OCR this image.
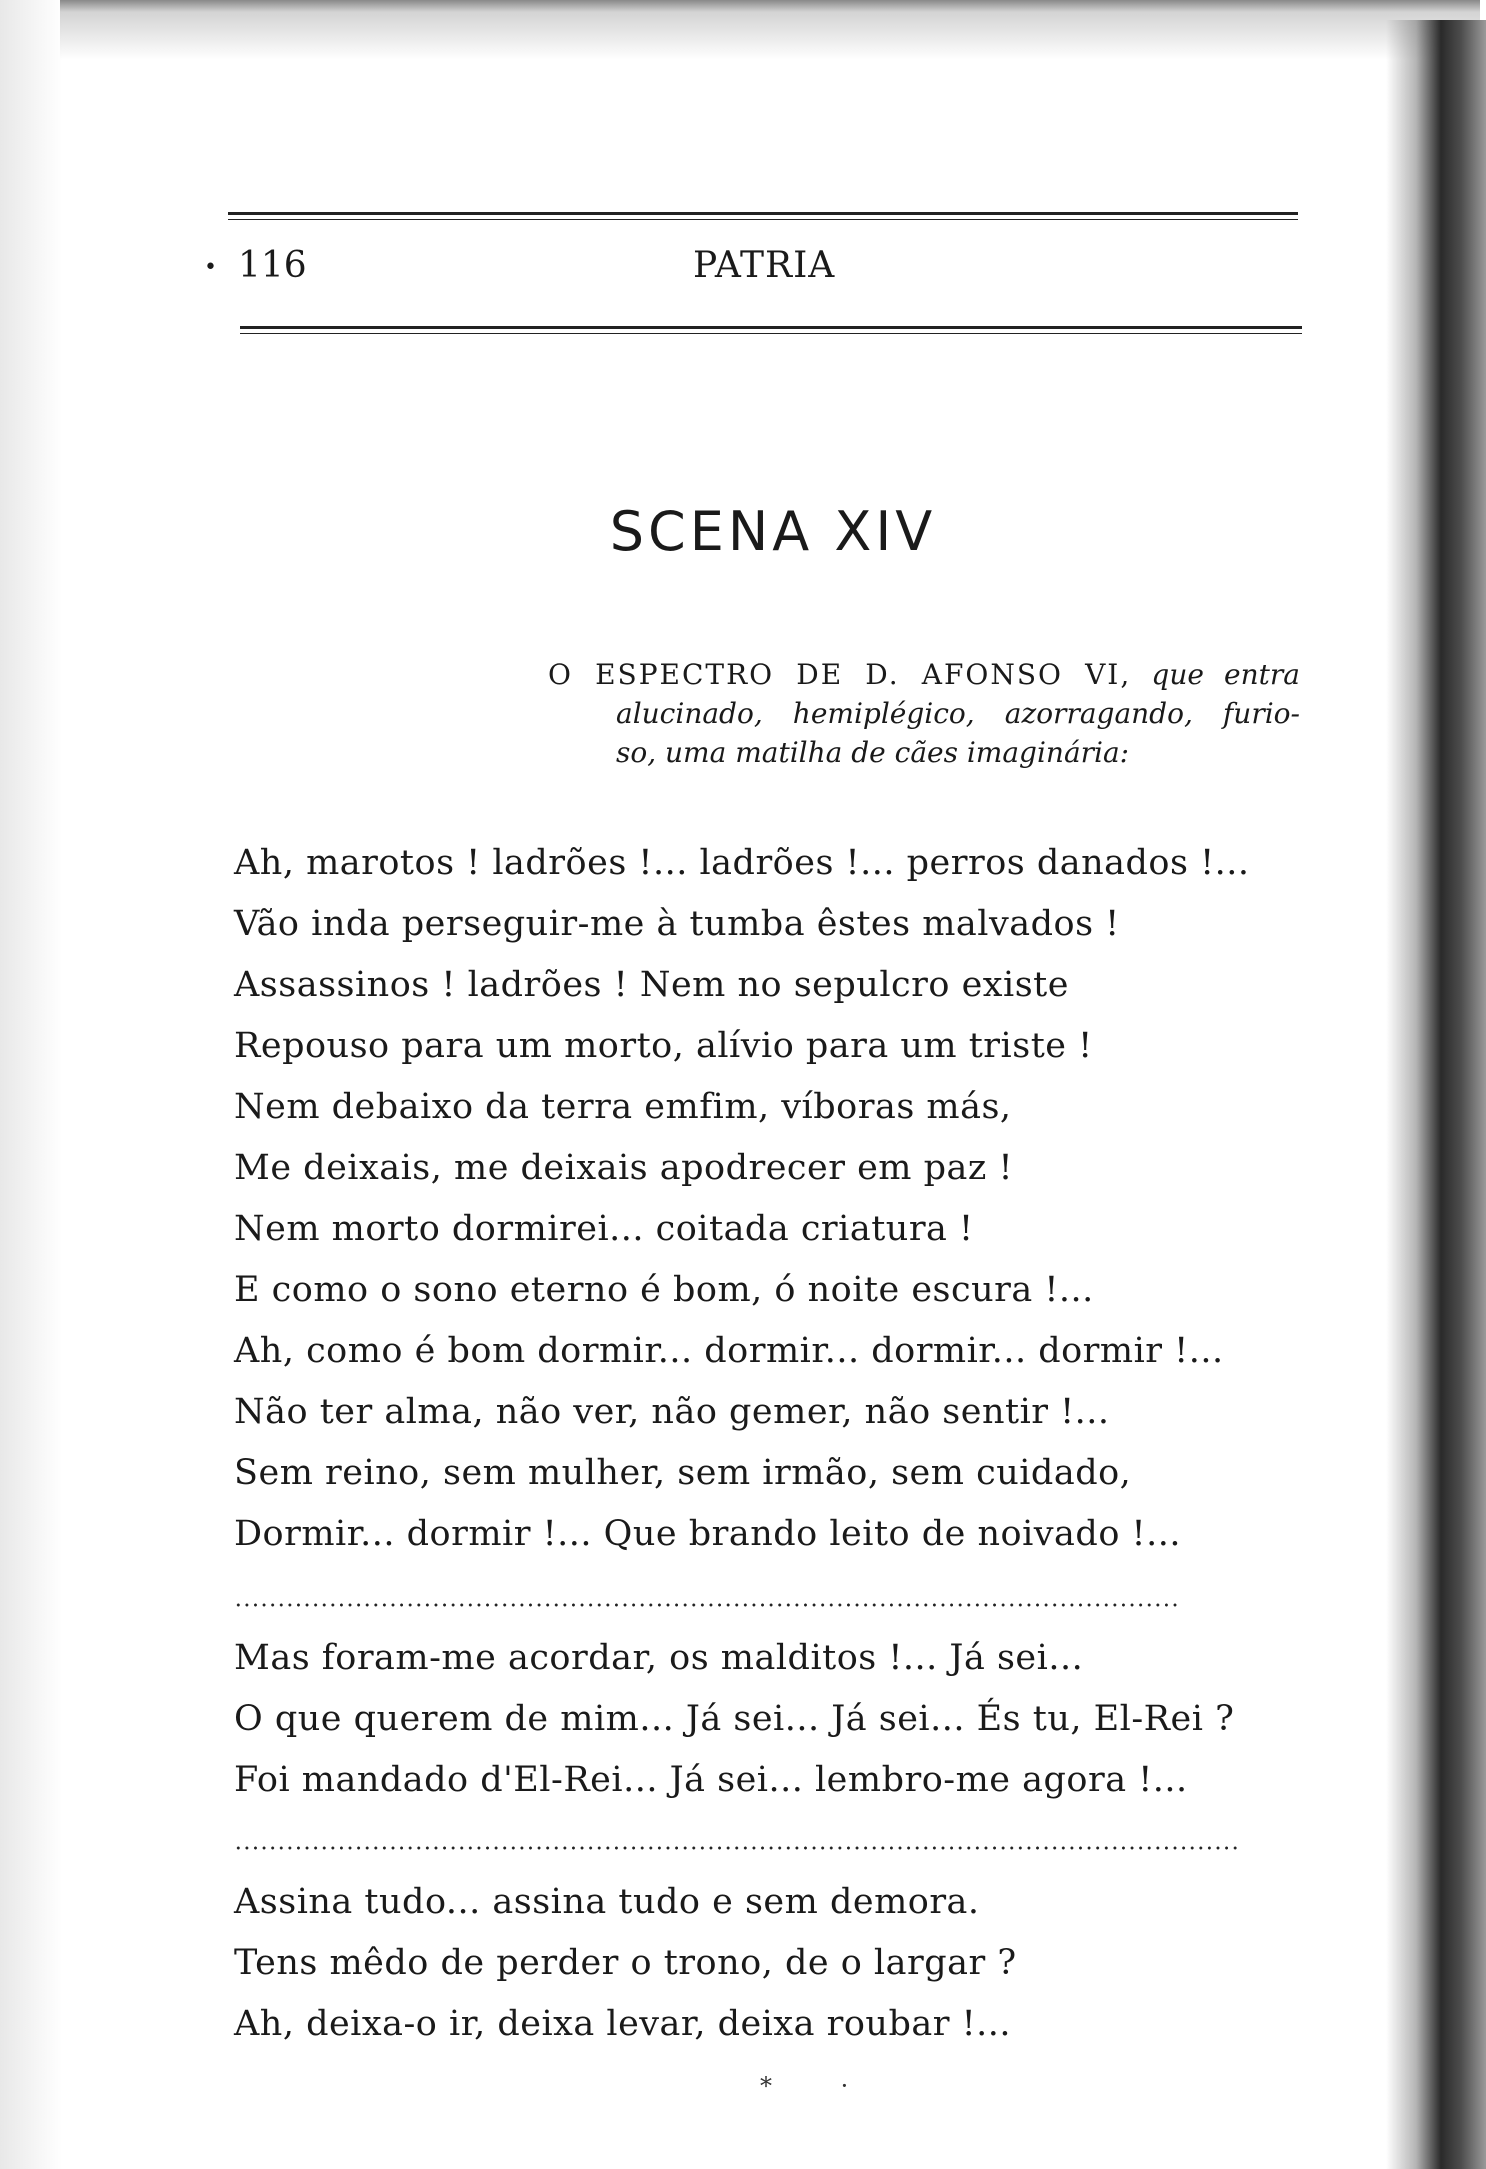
• 116	PATRIA
SCENA XIV
O ESPECTRO DE D. AFONSO VI, que entra
alucinado, hemiplégico, azorragando, furio-
so, uma matilha de cães imaginária:
Ah, marotos ! ladrões !... ladrões !... perros danados !...
Vão inda perseguir-me à tumba êstes malvados !
Assassinos ! ladrões ! Nem no sepulcro existe
Repouso para um morto, alívio para um triste !
Nem debaixo da terra emfim, víboras más,
Me deixais, me deixais apodrecer em paz !
Nem morto dormirei... coitada criatura !
E como o sono eterno é bom, ó noite escura !...
Ah, como é bom dormir... dormir... dormir... dormir !...
Não ter alma, não ver, não gemer, não sentir !...
Sem reino, sem mulher, sem irmão, sem cuidado,
Dormir... dormir !... Que brando leito de noivado !...
Mas foram-me acordar, os malditos !... Já sei...
O que querem de mim... Já sei... Já sei... És tu, El-Rei ?
Foi mandado d'El-Rei... Já sei... lembro-me agora !...
Assina tudo... assina tudo e sem demora.
Tens mêdo de perder o trono, de o largar ?
Ah, deixa-o ir, deixa levar, deixa roubar !...
*         ·
